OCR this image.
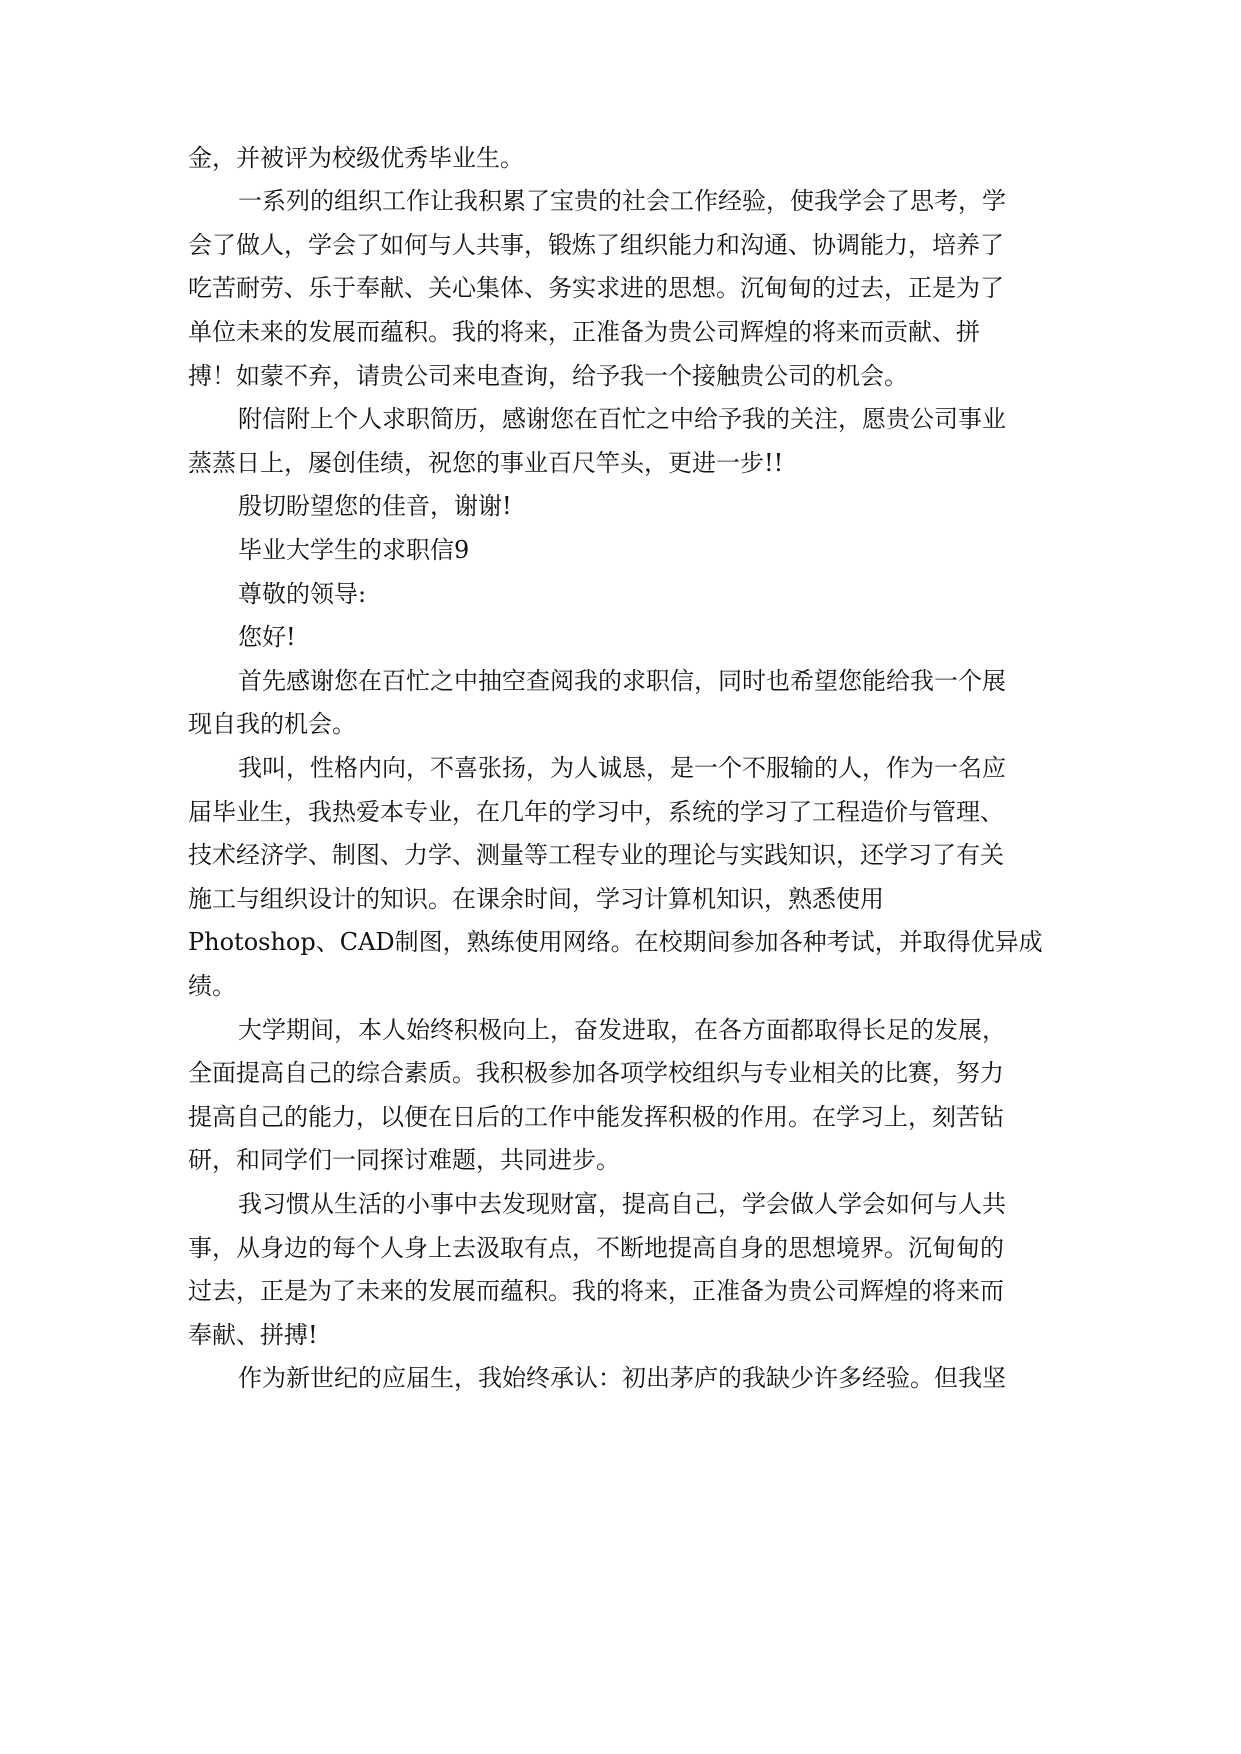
金，并被评为校级优秀毕业生。
一系列的组织工作让我积累了宝贵的社会工作经验，使我学会了思考，学
会了做人，学会了如何与人共事，锻炼了组织能力和沟通、协调能力，培养了
吃苦耐劳、乐于奉献、关心集体、务实求进的思想。沉甸甸的过去，正是为了
单位未来的发展而蕴积。我的将来，正准备为贵公司辉煌的将来而贡献、拼
搏！如蒙不弃，请贵公司来电查询，给予我一个接触贵公司的机会。
附信附上个人求职简历，感谢您在百忙之中给予我的关注，愿贵公司事业
蒸蒸日上，屡创佳绩，祝您的事业百尺竿头，更进一步!!
殷切盼望您的佳音，谢谢!
毕业大学生的求职信9
尊敬的领导:
您好!
首先感谢您在百忙之中抽空查阅我的求职信，同时也希望您能给我一个展
现自我的机会。
我叫，性格内向，不喜张扬，为人诚恳，是一个不服输的人，作为一名应
届毕业生，我热爱本专业，在几年的学习中，系统的学习了工程造价与管理、
技术经济学、制图、力学、测量等工程专业的理论与实践知识，还学习了有关
施工与组织设计的知识。在课余时间，学习计算机知识，熟悉使用
Photoshop、CAD制图，熟练使用网络。在校期间参加各种考试，并取得优异成
绩。
大学期间，本人始终积极向上，奋发进取，在各方面都取得长足的发展，
全面提高自己的综合素质。我积极参加各项学校组织与专业相关的比赛，努力
提高自己的能力，以便在日后的工作中能发挥积极的作用。在学习上，刻苦钻
研，和同学们一同探讨难题，共同进步。
我习惯从生活的小事中去发现财富，提高自己，学会做人学会如何与人共
事，从身边的每个人身上去汲取有点，不断地提高自身的思想境界。沉甸甸的
过去，正是为了未来的发展而蕴积。我的将来，正准备为贵公司辉煌的将来而
奉献、拼搏!
作为新世纪的应届生，我始终承认：初出茅庐的我缺少许多经验。但我坚
